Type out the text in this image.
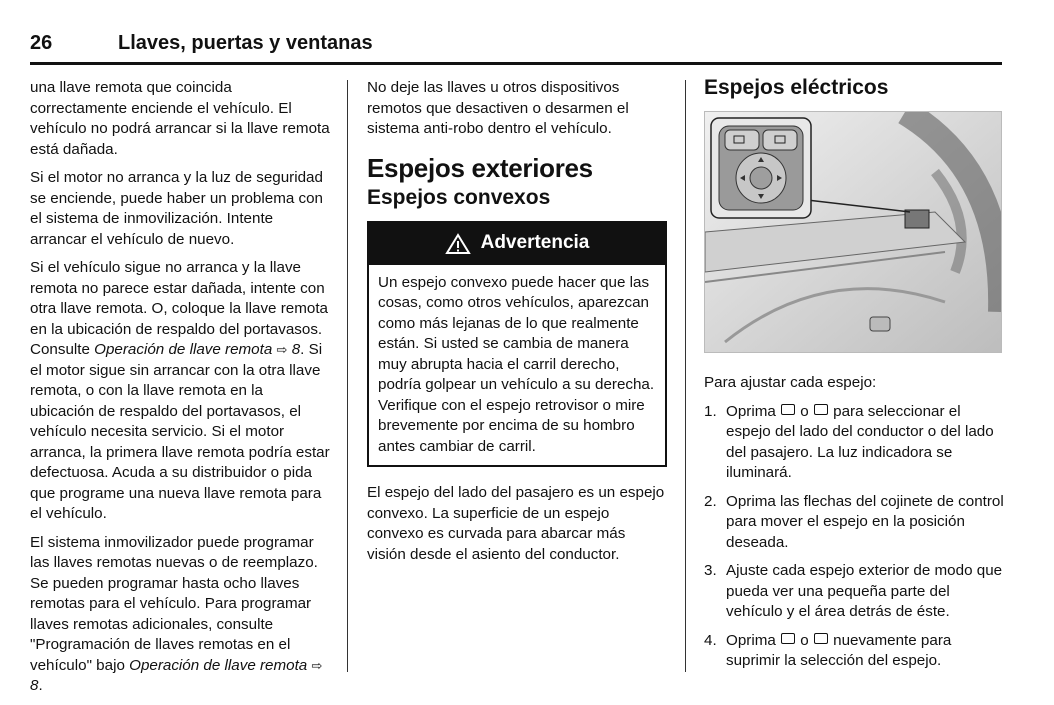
26	Llaves, puertas y ventanas

una llave remota que coincida correctamente enciende el vehículo. El vehículo no podrá arrancar si la llave remota está dañada.

Si el motor no arranca y la luz de seguridad se enciende, puede haber un problema con el sistema de inmovilización. Intente arrancar el vehículo de nuevo.

Si el vehículo sigue no arranca y la llave remota no parece estar dañada, intente con otra llave remota. O, coloque la llave remota en la ubicación de respaldo del portavasos. Consulte Operación de llave remota ⇨ 8. Si el motor sigue sin arrancar con la otra llave remota, o con la llave remota en la ubicación de respaldo del portavasos, el vehículo necesita servicio. Si el motor arranca, la primera llave remota podría estar defectuosa. Acuda a su distribuidor o pida que programe una nueva llave remota para el vehículo.

El sistema inmovilizador puede programar las llaves remotas nuevas o de reemplazo. Se pueden programar hasta ocho llaves remotas para el vehículo. Para programar llaves remotas adicionales, consulte "Programación de llaves remotas en el vehículo" bajo Operación de llave remota ⇨ 8.

No deje las llaves u otros dispositivos remotos que desactiven o desarmen el sistema anti-robo dentro el vehículo.

Espejos exteriores
Espejos convexos
Advertencia
Un espejo convexo puede hacer que las cosas, como otros vehículos, aparezcan como más lejanas de lo que realmente están. Si usted se cambia de manera muy abrupta hacia el carril derecho, podría golpear un vehículo a su derecha. Verifique con el espejo retrovisor o mire brevemente por encima de su hombro antes cambiar de carril.

El espejo del lado del pasajero es un espejo convexo. La superficie de un espejo convexo es curvada para abarcar más visión desde el asiento del conductor.

Espejos eléctricos

Para ajustar cada espejo:

1. Oprima  o  para seleccionar el espejo del lado del conductor o del lado del pasajero. La luz indicadora se iluminará.
2. Oprima las flechas del cojinete de control para mover el espejo en la posición deseada.
3. Ajuste cada espejo exterior de modo que pueda ver una pequeña parte del vehículo y el área detrás de éste.
4. Oprima  o  nuevamente para suprimir la selección del espejo.
